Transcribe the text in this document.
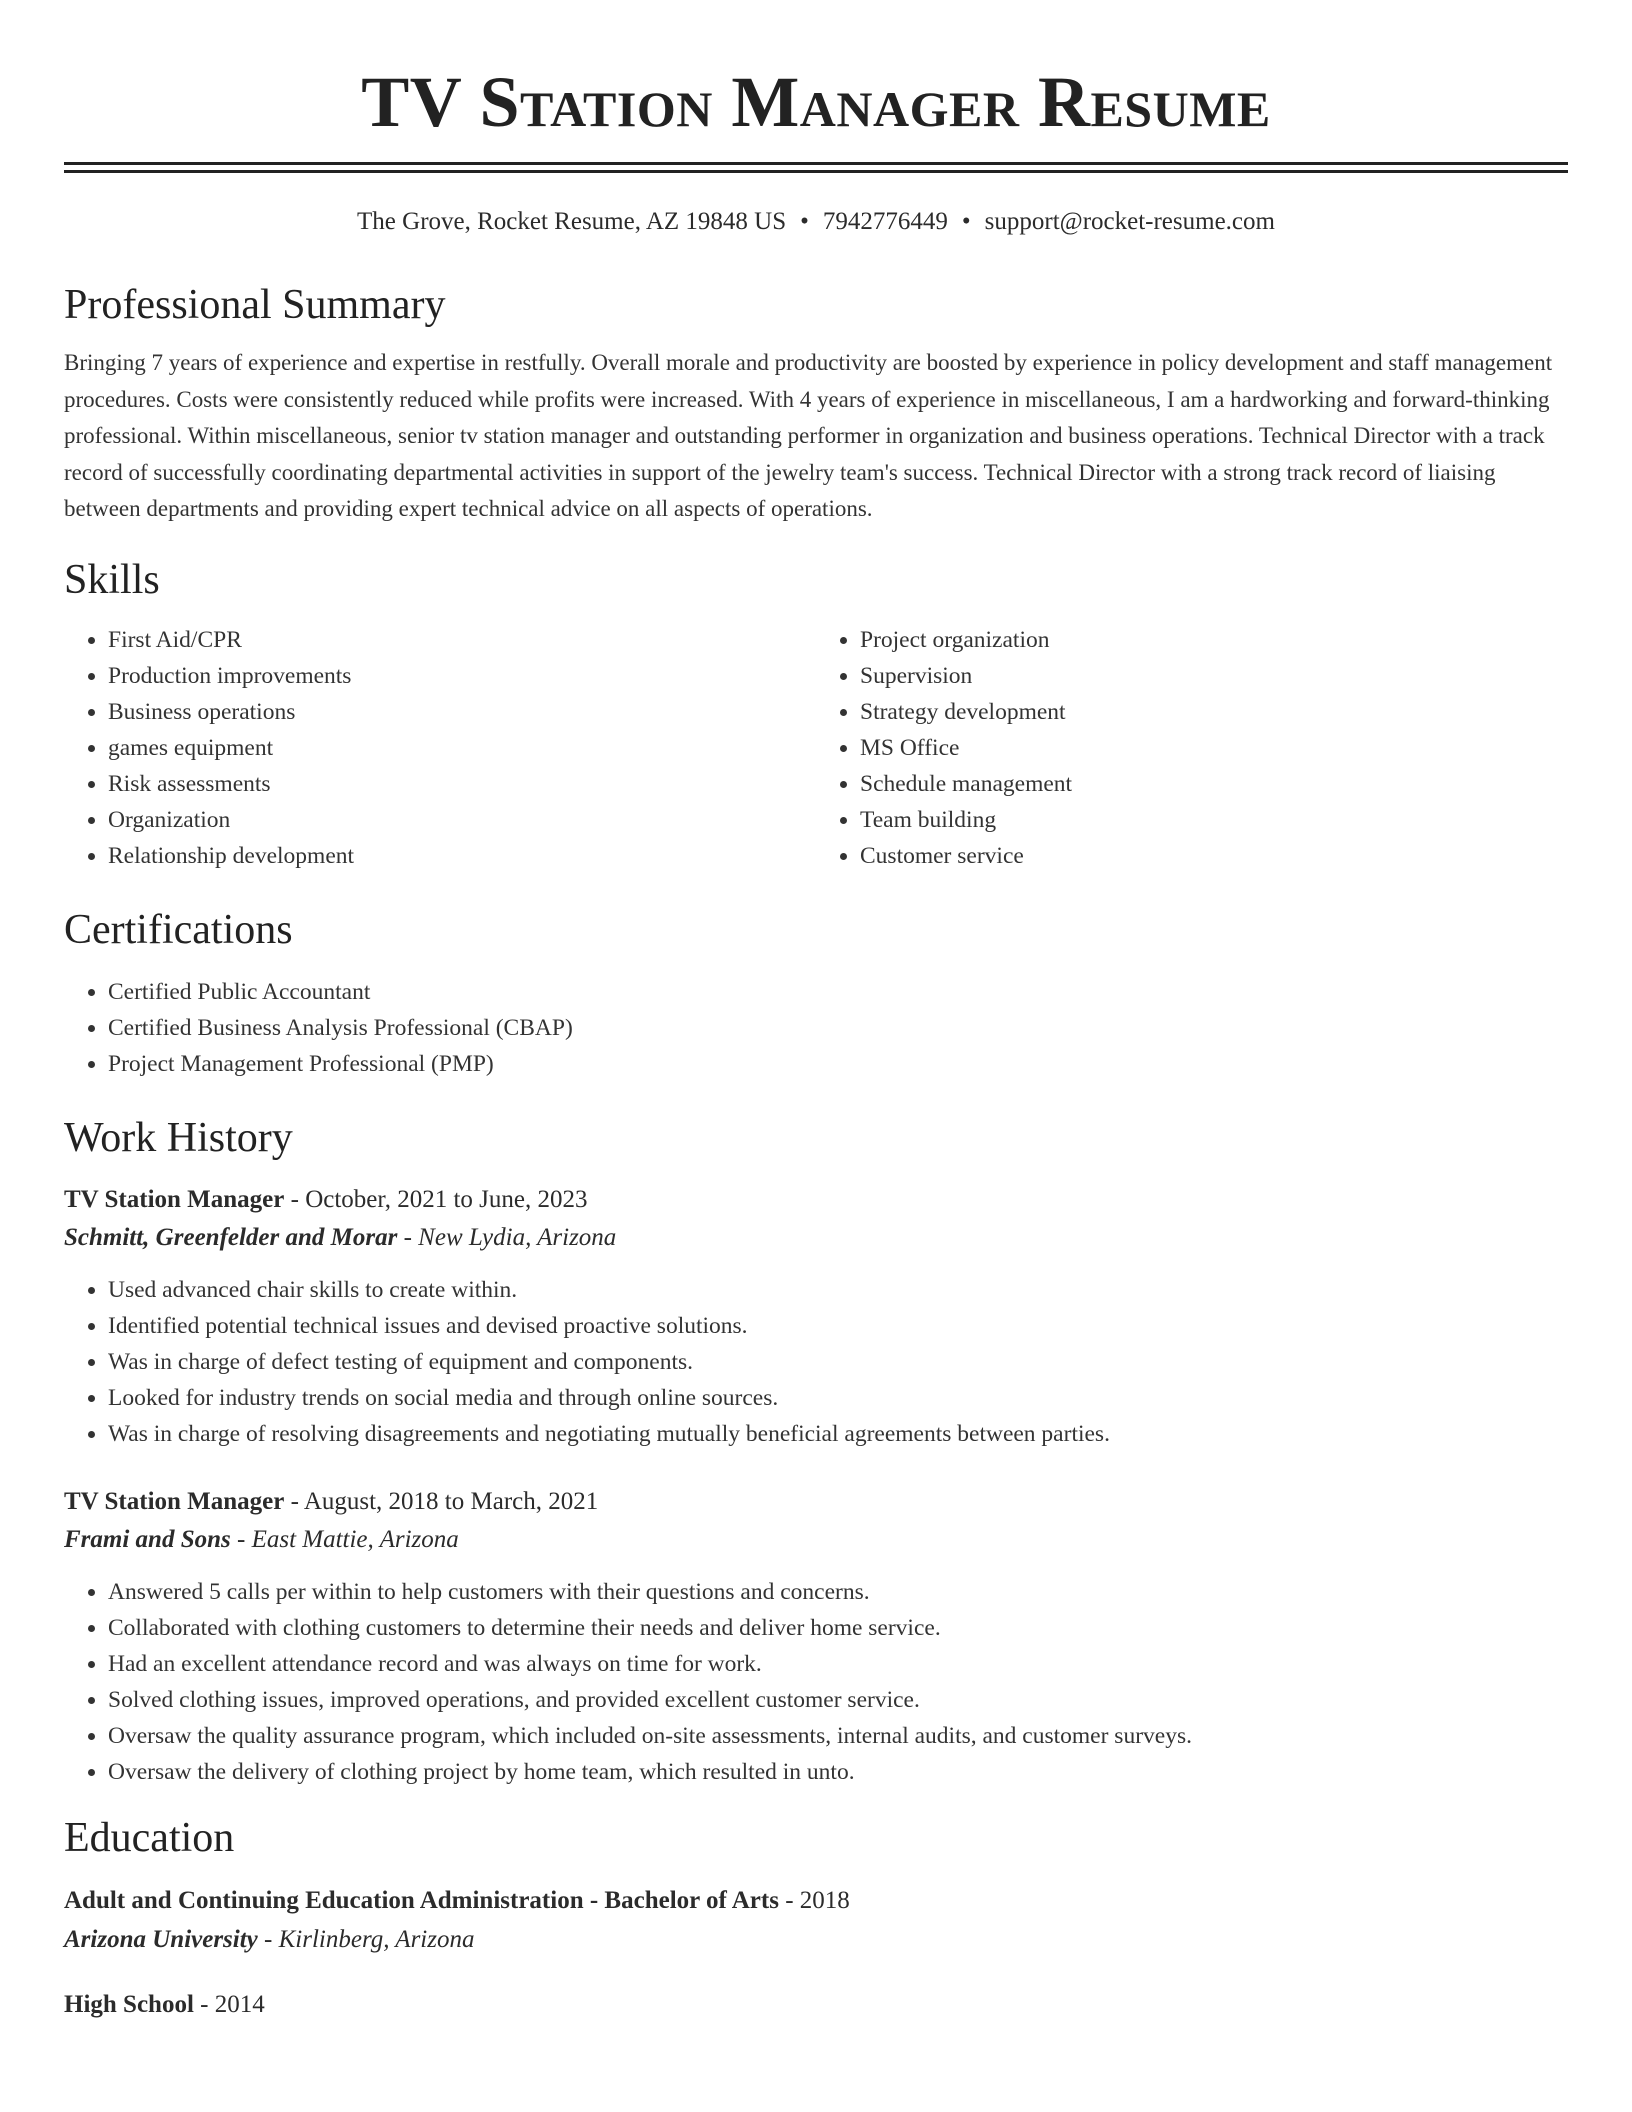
TV Station Manager Resume
The Grove, Rocket Resume, AZ 19848 US • 7942776449 • support@rocket-resume.com
Professional Summary

Bringing 7 years of experience and expertise in restfully. Overall morale and productivity are boosted by experience in policy development and staff management procedures. Costs were consistently reduced while profits were increased. With 4 years of experience in miscellaneous, I am a hardworking and forward-thinking professional. Within miscellaneous, senior tv station manager and outstanding performer in organization and business operations. Technical Director with a track record of successfully coordinating departmental activities in support of the jewelry team's success. Technical Director with a strong track record of liaising between departments and providing expert technical advice on all aspects of operations.

Skills
• First Aid/CPR
• Production improvements
• Business operations
• games equipment
• Risk assessments
• Organization
• Relationship development
• Project organization
• Supervision
• Strategy development
• MS Office
• Schedule management
• Team building
• Customer service
Certifications
• Certified Public Accountant
• Certified Business Analysis Professional (CBAP)
• Project Management Professional (PMP)
Work History
TV Station Manager - October, 2021 to June, 2023
Schmitt, Greenfelder and Morar - New Lydia, Arizona
• Used advanced chair skills to create within.
• Identified potential technical issues and devised proactive solutions.
• Was in charge of defect testing of equipment and components.
• Looked for industry trends on social media and through online sources.
• Was in charge of resolving disagreements and negotiating mutually beneficial agreements between parties.
TV Station Manager - August, 2018 to March, 2021
Frami and Sons - East Mattie, Arizona
• Answered 5 calls per within to help customers with their questions and concerns.
• Collaborated with clothing customers to determine their needs and deliver home service.
• Had an excellent attendance record and was always on time for work.
• Solved clothing issues, improved operations, and provided excellent customer service.
• Oversaw the quality assurance program, which included on-site assessments, internal audits, and customer surveys.
• Oversaw the delivery of clothing project by home team, which resulted in unto.
Education
Adult and Continuing Education Administration - Bachelor of Arts - 2018
Arizona University - Kirlinberg, Arizona
High School - 2014
